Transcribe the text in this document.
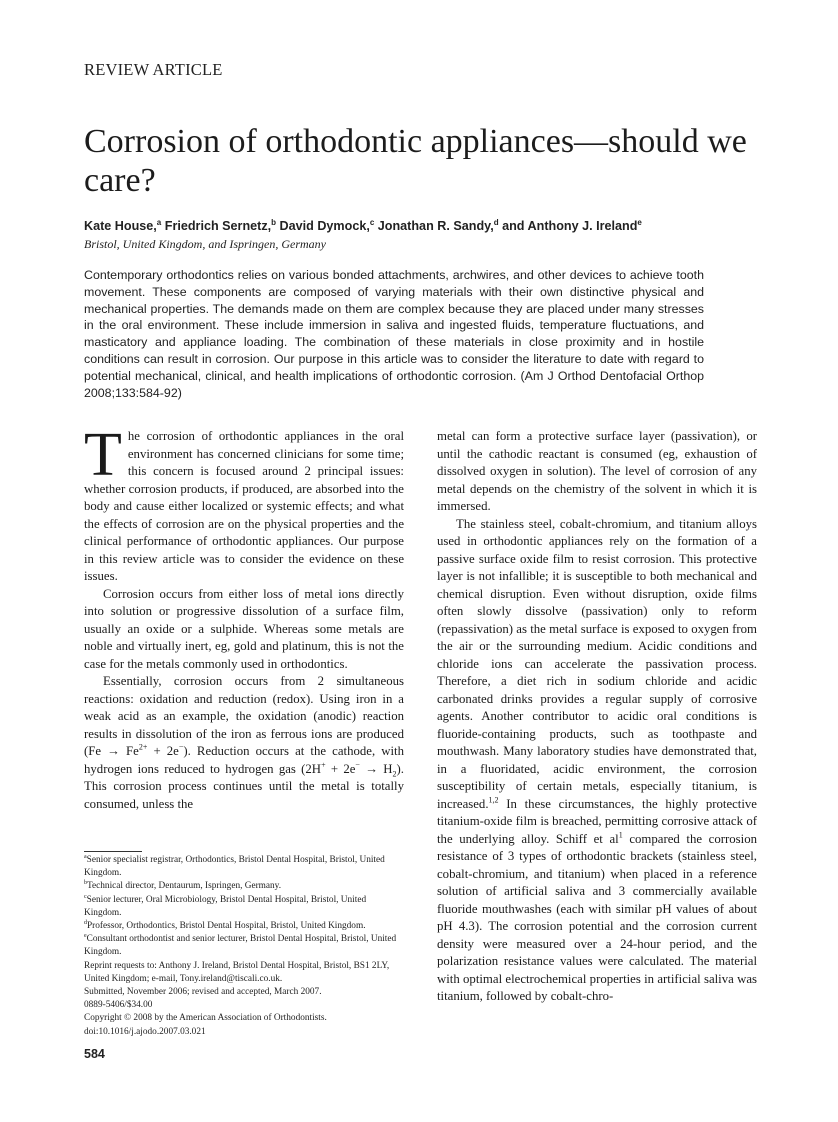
REVIEW ARTICLE
Corrosion of orthodontic appliances—should we care?
Kate House,$^a$ Friedrich Sernetz,$^b$ David Dymock,$^c$ Jonathan R. Sandy,$^d$ and Anthony J. Ireland$^e$
Bristol, United Kingdom, and Ispringen, Germany
Contemporary orthodontics relies on various bonded attachments, archwires, and other devices to achieve tooth movement. These components are composed of varying materials with their own distinctive physical and mechanical properties. The demands made on them are complex because they are placed under many stresses in the oral environment. These include immersion in saliva and ingested fluids, temperature fluctuations, and masticatory and appliance loading. The combination of these materials in close proximity and in hostile conditions can result in corrosion. Our purpose in this article was to consider the literature to date with regard to potential mechanical, clinical, and health implications of orthodontic corrosion. (Am J Orthod Dentofacial Orthop 2008;133:584-92)

The corrosion of orthodontic appliances in the oral environment has concerned clinicians for some time; this concern is focused around 2 principal issues: whether corrosion products, if produced, are absorbed into the body and cause either localized or systemic effects; and what the effects of corrosion are on the physical properties and the clinical performance of orthodontic appliances. Our purpose in this review article was to consider the evidence on these issues.

Corrosion occurs from either loss of metal ions directly into solution or progressive dissolution of a surface film, usually an oxide or a sulphide. Whereas some metals are noble and virtually inert, eg, gold and platinum, this is not the case for the metals commonly used in orthodontics.

Essentially, corrosion occurs from 2 simultaneous reactions: oxidation and reduction (redox). Using iron in a weak acid as an example, the oxidation (anodic) reaction results in dissolution of the iron as ferrous ions are produced $(Fe \to Fe^{2+} + 2e^-)$. Reduction occurs at the cathode, with hydrogen ions reduced to hydrogen gas $(2H^+ + 2e^- \to H_2)$. This corrosion process continues until the metal is totally consumed, unless the

$^a$Senior specialist registrar, Orthodontics, Bristol Dental Hospital, Bristol, United Kingdom.
$^b$Technical director, Dentaurum, Ispringen, Germany.
$^c$Senior lecturer, Oral Microbiology, Bristol Dental Hospital, Bristol, United Kingdom.
$^d$Professor, Orthodontics, Bristol Dental Hospital, Bristol, United Kingdom.
$^e$Consultant orthodontist and senior lecturer, Bristol Dental Hospital, Bristol, United Kingdom.
Reprint requests to: Anthony J. Ireland, Bristol Dental Hospital, Bristol, BS1 2LY, United Kingdom; e-mail, Tony.ireland@tiscali.co.uk.
Submitted, November 2006; revised and accepted, March 2007.
0889-5406/$34.00
Copyright © 2008 by the American Association of Orthodontists.
doi:10.1016/j.ajodo.2007.03.021

metal can form a protective surface layer (passivation), or until the cathodic reactant is consumed (eg, exhaustion of dissolved oxygen in solution). The level of corrosion of any metal depends on the chemistry of the solvent in which it is immersed.

The stainless steel, cobalt-chromium, and titanium alloys used in orthodontic appliances rely on the formation of a passive surface oxide film to resist corrosion. This protective layer is not infallible; it is susceptible to both mechanical and chemical disruption. Even without disruption, oxide films often slowly dissolve (passivation) only to reform (repassivation) as the metal surface is exposed to oxygen from the air or the surrounding medium. Acidic conditions and chloride ions can accelerate the passivation process. Therefore, a diet rich in sodium chloride and acidic carbonated drinks provides a regular supply of corrosive agents. Another contributor to acidic oral conditions is fluoride-containing products, such as toothpaste and mouthwash. Many laboratory studies have demonstrated that, in a fluoridated, acidic environment, the corrosion susceptibility of certain metals, especially titanium, is increased.$^{1,2}$ In these circumstances, the highly protective titanium-oxide film is breached, permitting corrosive attack of the underlying alloy. Schiff et $al^1$ compared the corrosion resistance of 3 types of orthodontic brackets (stainless steel, cobalt-chromium, and titanium) when placed in a reference solution of artificial saliva and 3 commercially available fluoride mouthwashes (each with similar pH values of about pH 4.3). The corrosion potential and the corrosion current density were measured over a 24-hour period, and the polarization resistance values were calculated. The material with optimal electrochemical properties in artificial saliva was titanium, followed by cobalt-chro-

584
